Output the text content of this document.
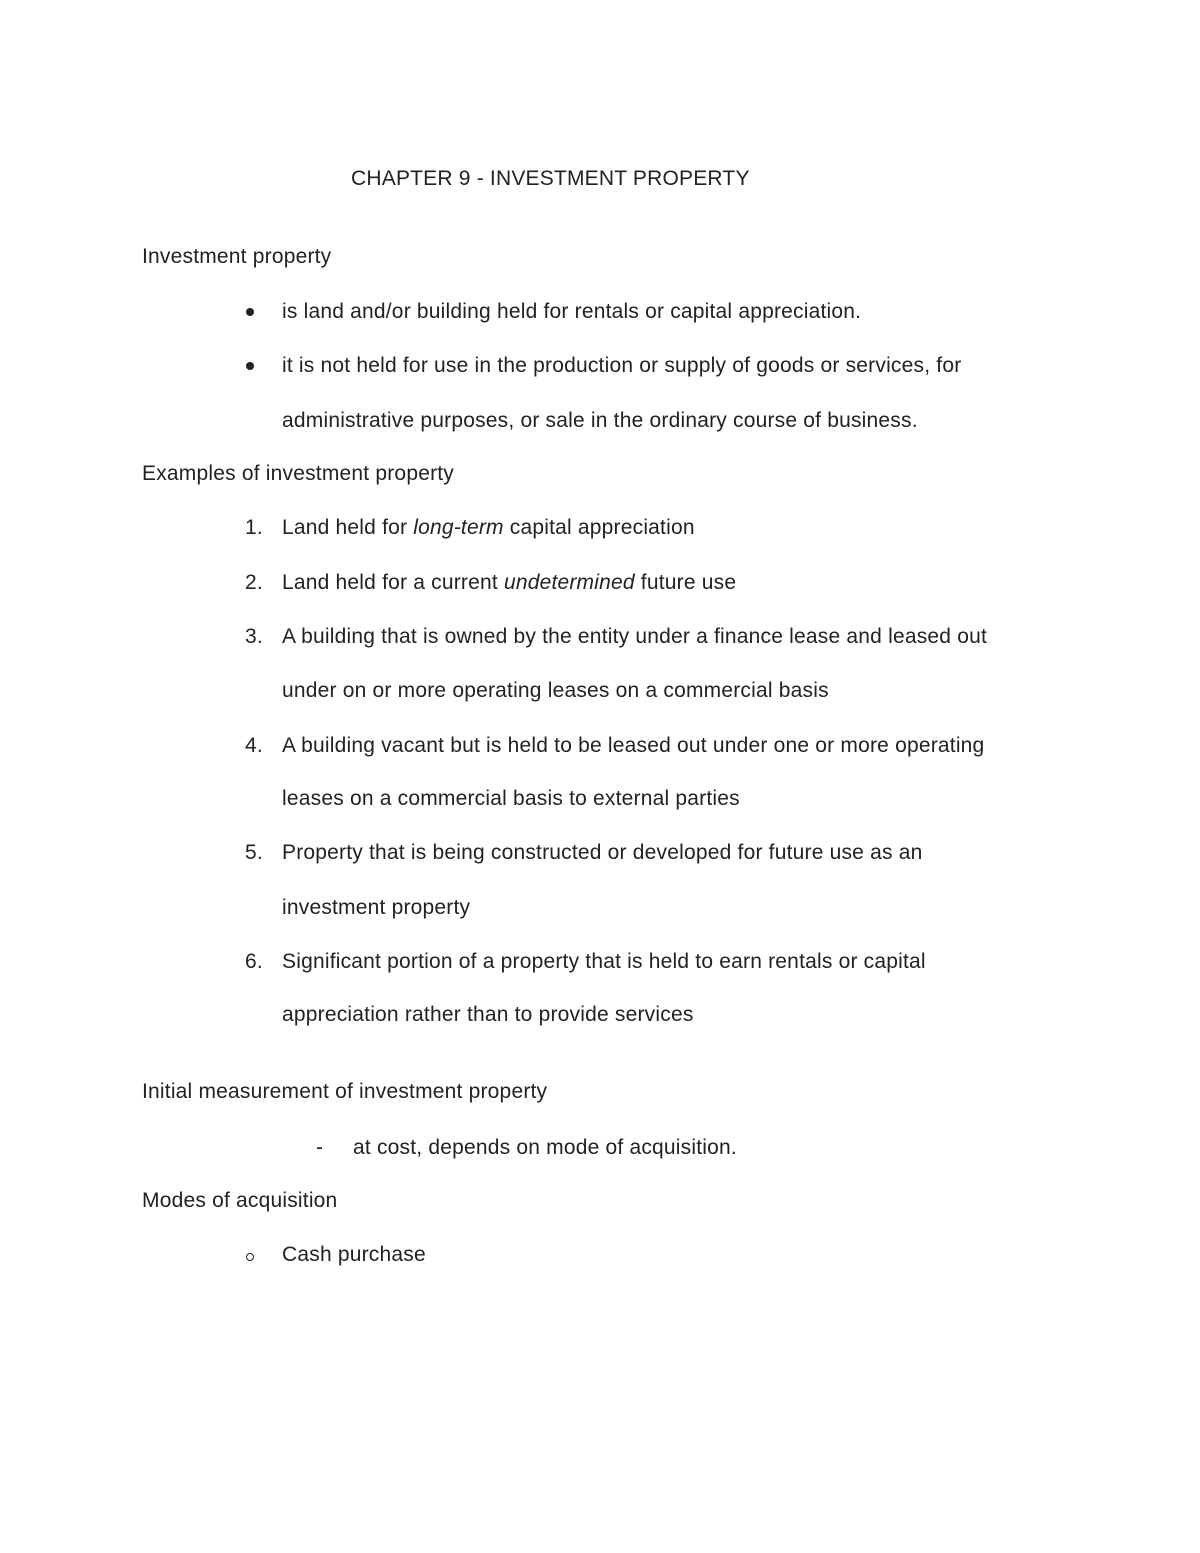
CHAPTER 9 - INVESTMENT PROPERTY
Investment property
is land and/or building held for rentals or capital appreciation.
it is not held for use in the production or supply of goods or services, for
administrative purposes, or sale in the ordinary course of business.
Examples of investment property
1. Land held for long-term capital appreciation
2. Land held for a current undetermined future use
3. A building that is owned by the entity under a finance lease and leased out
under on or more operating leases on a commercial basis
4. A building vacant but is held to be leased out under one or more operating
leases on a commercial basis to external parties
5. Property that is being constructed or developed for future use as an
investment property
6. Significant portion of a property that is held to earn rentals or capital
appreciation rather than to provide services
Initial measurement of investment property
- at cost, depends on mode of acquisition.
Modes of acquisition
Cash purchase
